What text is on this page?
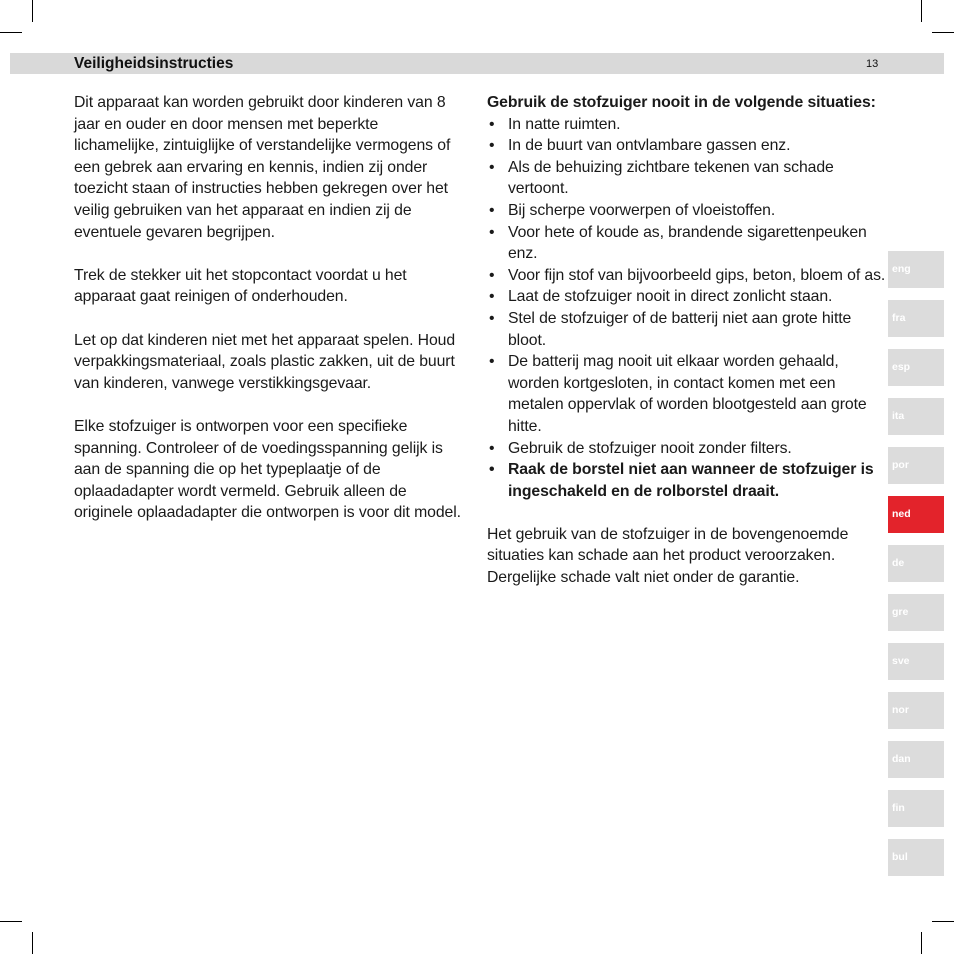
Veiligheidsinstructies	13

Dit apparaat kan worden gebruikt door kinderen van 8 jaar en ouder en door mensen met beperkte lichamelijke, zintuiglijke of verstandelijke vermogens of een gebrek aan ervaring en kennis, indien zij onder toezicht staan of instructies hebben gekregen over het veilig gebruiken van het apparaat en indien zij de eventuele gevaren begrijpen.

Trek de stekker uit het stopcontact voordat u het apparaat gaat reinigen of onderhouden.

Let op dat kinderen niet met het apparaat spelen. Houd verpakkingsmateriaal, zoals plastic zakken, uit de buurt van kinderen, vanwege verstikkingsgevaar.

Elke stofzuiger is ontworpen voor een specifieke spanning. Controleer of de voedingsspanning gelijk is aan de spanning die op het typeplaatje of de oplaadadapter wordt vermeld. Gebruik alleen de originele oplaadadapter die ontworpen is voor dit model.

Gebruik de stofzuiger nooit in de volgende situaties:

• In natte ruimten.
• In de buurt van ontvlambare gassen enz.
• Als de behuizing zichtbare tekenen van schade vertoont.
• Bij scherpe voorwerpen of vloeistoffen.
• Voor hete of koude as, brandende sigarettenpeuken enz.
• Voor fijn stof van bijvoorbeeld gips, beton, bloem of as.
• Laat de stofzuiger nooit in direct zonlicht staan.
• Stel de stofzuiger of de batterij niet aan grote hitte bloot.
• De batterij mag nooit uit elkaar worden gehaald, worden kortgesloten, in contact komen met een metalen oppervlak of worden blootgesteld aan grote hitte.
• Gebruik de stofzuiger nooit zonder filters.
• Raak de borstel niet aan wanneer de stofzuiger is ingeschakeld en de rolborstel draait.

Het gebruik van de stofzuiger in de bovengenoemde situaties kan schade aan het product veroorzaken. Dergelijke schade valt niet onder de garantie.

eng
fra
esp
ita
por
ned
de
gre
sve
nor
dan
fin
bul
